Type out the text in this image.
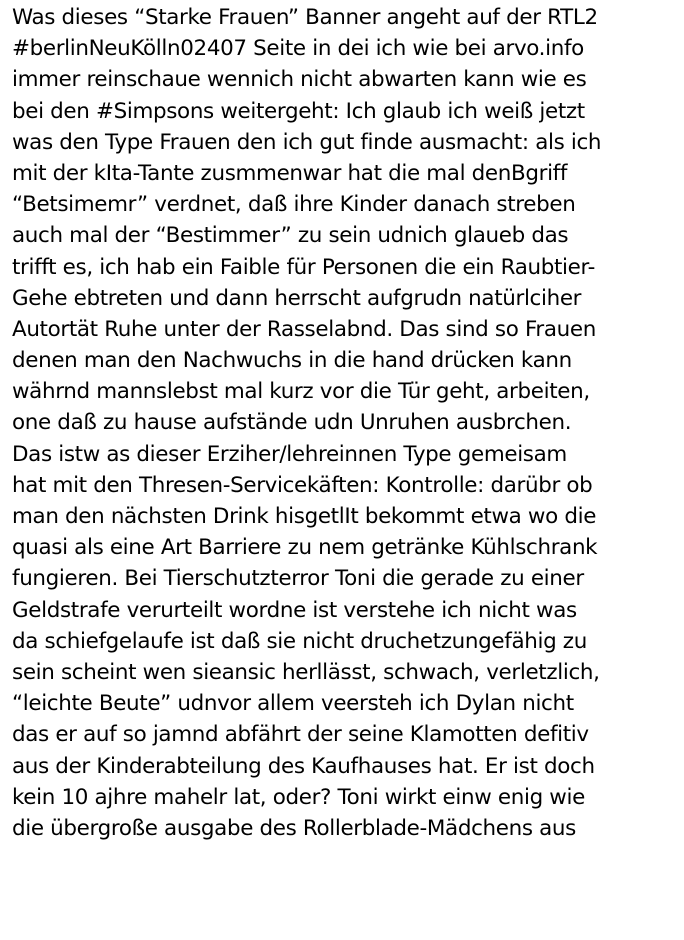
Was dieses “Starke Frauen” Banner angeht auf der RTL2
#berlinNeuKölln02407 Seite in dei ich wie bei arvo.info
immer reinschaue wennich nicht abwarten kann wie es
bei den #Simpsons weitergeht: Ich glaub ich weiß jetzt
was den Type Frauen den ich gut finde ausmacht: als ich
mit der kIta-Tante zusmmenwar hat die mal denBgriff
“Betsimemr” verdnet, daß ihre Kinder danach streben
auch mal der “Bestimmer” zu sein udnich glaueb das
trifft es, ich hab ein Faible für Personen die ein Raubtier-
Gehe ebtreten und dann herrscht aufgrudn natürlciher
Autortät Ruhe unter der Rasselabnd. Das sind so Frauen
denen man den Nachwuchs in die hand drücken kann
währnd mannslebst mal kurz vor die Tür geht, arbeiten,
one daß zu hause aufstände udn Unruhen ausbrchen.
Das istw as dieser Erziher/lehreinnen Type gemeisam
hat mit den Thresen-Servicekäften: Kontrolle: darübr ob
man den nächsten Drink hisgetlIt bekommt etwa wo die
quasi als eine Art Barriere zu nem getränke Kühlschrank
fungieren. Bei Tierschutzterror Toni die gerade zu einer
Geldstrafe verurteilt wordne ist verstehe ich nicht was
da schiefgelaufe ist daß sie nicht druchetzungefähig zu
sein scheint wen sieansic herllässt, schwach, verletzlich,
“leichte Beute” udnvor allem veersteh ich Dylan nicht
das er auf so jamnd abfährt der seine Klamotten defitiv
aus der Kinderabteilung des Kaufhauses hat. Er ist doch
kein 10 ajhre mahelr lat, oder? Toni wirkt einw enig wie
die übergroße ausgabe des Rollerblade-Mädchens aus
